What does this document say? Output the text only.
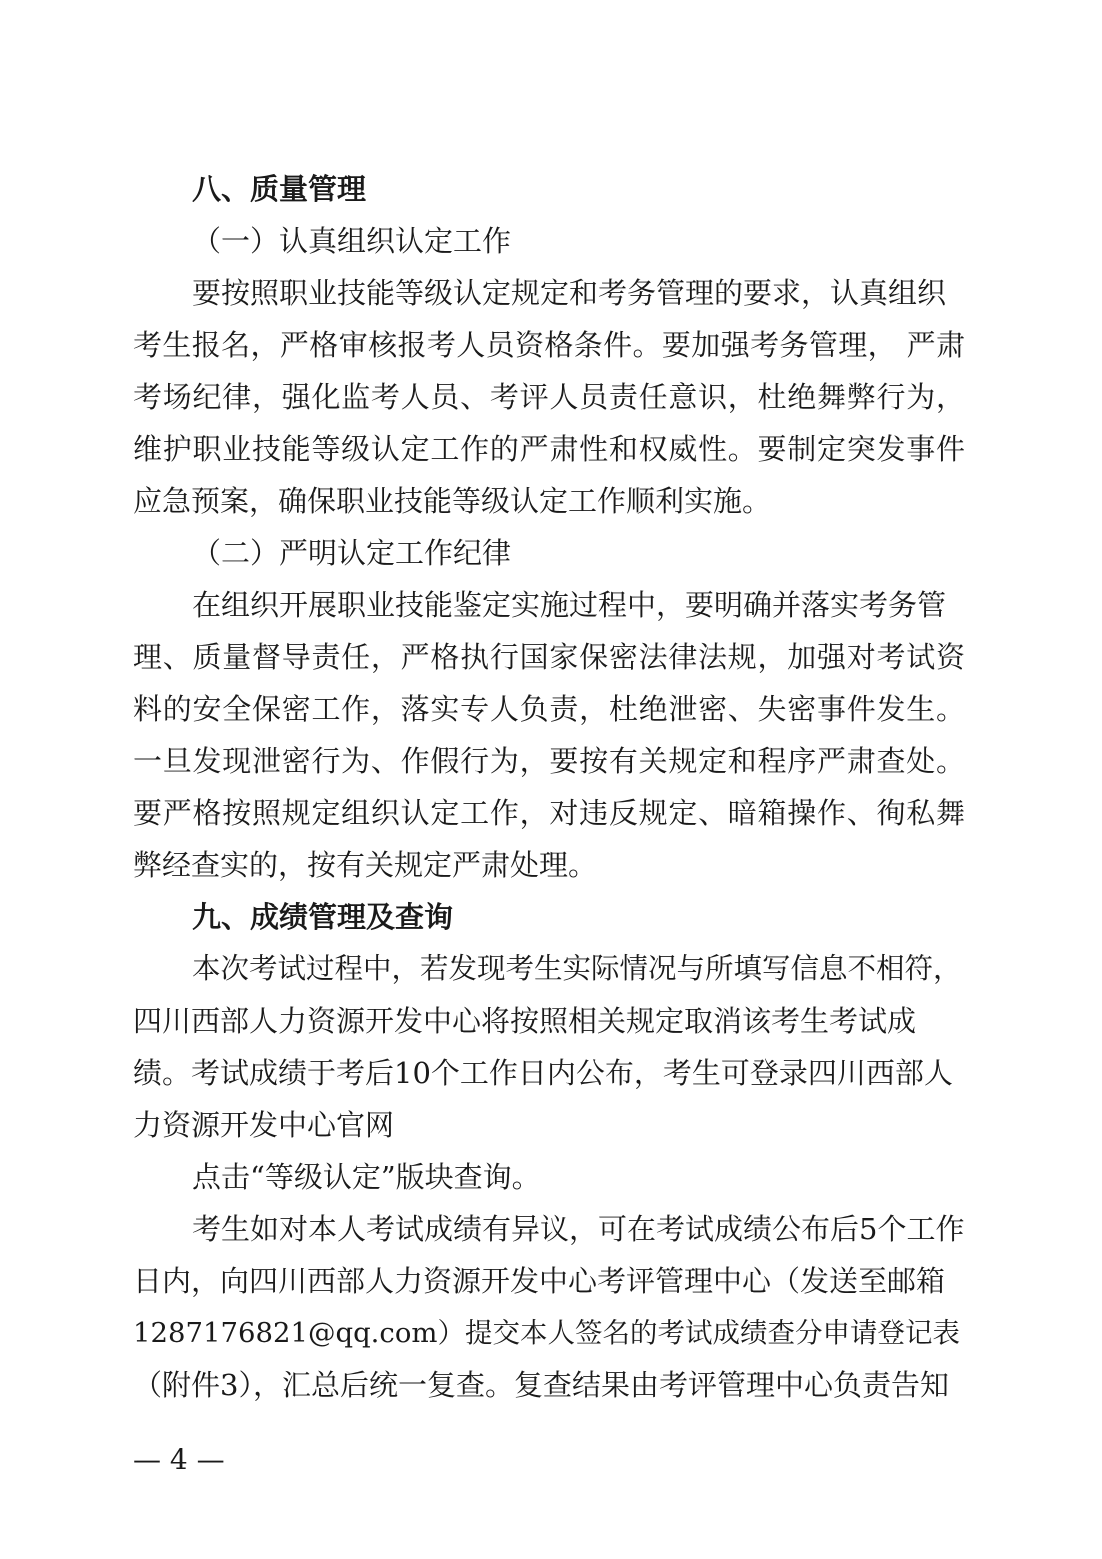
八、质量管理

（一）认真组织认定工作

要按照职业技能等级认定规定和考务管理的要求，认真组织

考生报名，严格审核报考人员资格条件。要加强考务管理， 严肃

考场纪律，强化监考人员、考评人员责任意识，杜绝舞弊行为，

维护职业技能等级认定工作的严肃性和权威性。要制定突发事件

应急预案，确保职业技能等级认定工作顺利实施。

（二）严明认定工作纪律

在组织开展职业技能鉴定实施过程中，要明确并落实考务管

理、质量督导责任，严格执行国家保密法律法规，加强对考试资

料的安全保密工作，落实专人负责，杜绝泄密、失密事件发生。

一旦发现泄密行为、作假行为，要按有关规定和程序严肃查处。

要严格按照规定组织认定工作，对违反规定、暗箱操作、徇私舞

弊经查实的，按有关规定严肃处理。

九、成绩管理及查询

本次考试过程中，若发现考生实际情况与所填写信息不相符，

四川西部人力资源开发中心将按照相关规定取消该考生考试成

绩。考试成绩于考后10个工作日内公布，考生可登录四川西部人

力资源开发中心官网

点击“等级认定”版块查询。

考生如对本人考试成绩有异议，可在考试成绩公布后5个工作

日内，向四川西部人力资源开发中心考评管理中心（发送至邮箱

1287176821@qq.com）提交本人签名的考试成绩查分申请登记表

（附件3），汇总后统一复查。复查结果由考评管理中心负责告知

— 4 —
